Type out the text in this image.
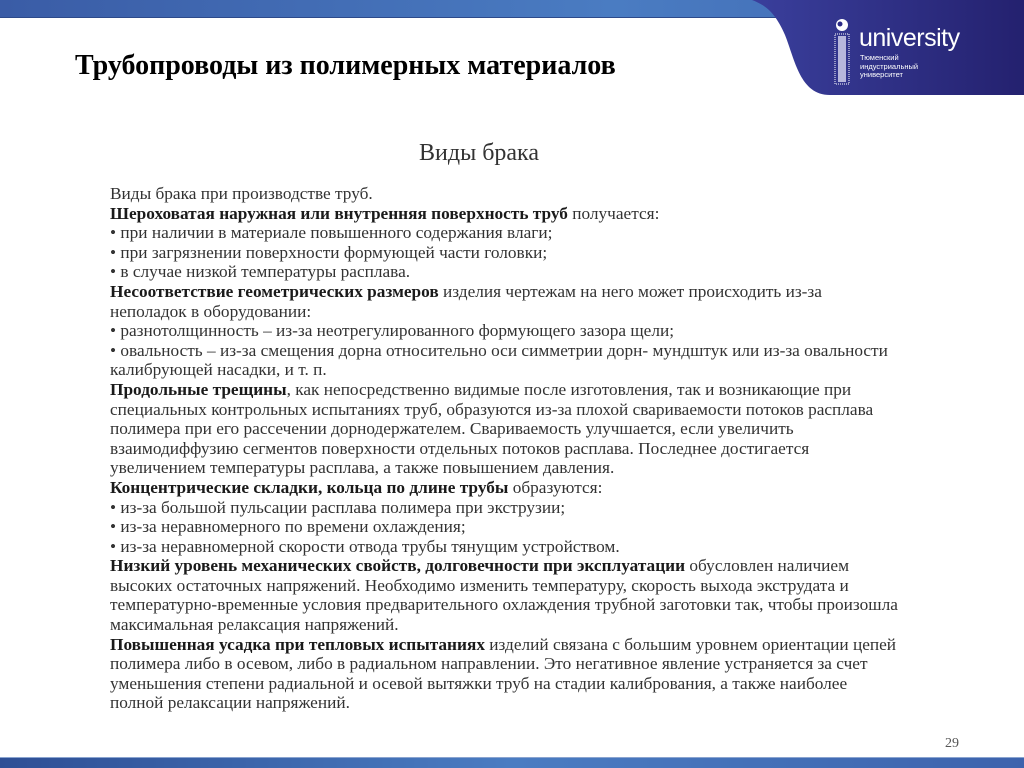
university
Тюменский
индустриальный
университет
Трубопроводы из полимерных материалов
Виды брака
Виды брака при производстве труб.
Шероховатая наружная или внутренняя поверхность труб получается:
• при наличии в материале повышенного содержания влаги;
• при загрязнении поверхности формующей части головки;
• в случае низкой температуры расплава.
Несоответствие геометрических размеров изделия чертежам на него может происходить из-за
неполадок в оборудовании:
• разнотолщинность – из-за неотрегулированного формующего зазора щели;
• овальность – из-за смещения дорна относительно оси симметрии дорн- мундштук или из-за овальности
калибрующей насадки, и т. п.
Продольные трещины, как непосредственно видимые после изготовления, так и возникающие при
специальных контрольных испытаниях труб, образуются из-за плохой свариваемости потоков расплава
полимера при его рассечении дорнодержателем. Свариваемость улучшается, если увеличить
взаимодиффузию сегментов поверхности отдельных потоков расплава. Последнее достигается
увеличением температуры расплава, а также повышением давления.
Концентрические складки, кольца по длине трубы образуются:
• из-за большой пульсации расплава полимера при экструзии;
• из-за неравномерного по времени охлаждения;
• из-за неравномерной скорости отвода трубы тянущим устройством.
Низкий уровень механических свойств, долговечности при эксплуатации обусловлен наличием
высоких остаточных напряжений. Необходимо изменить температуру, скорость выхода экструдата и
температурно-временные условия предварительного охлаждения трубной заготовки так, чтобы произошла
максимальная релаксация напряжений.
Повышенная усадка при тепловых испытаниях изделий связана с большим уровнем ориентации цепей
полимера либо в осевом, либо в радиальном направлении. Это негативное явление устраняется за счет
уменьшения степени радиальной и осевой вытяжки труб на стадии калибрования, а также наиболее
полной релаксации напряжений.
29
